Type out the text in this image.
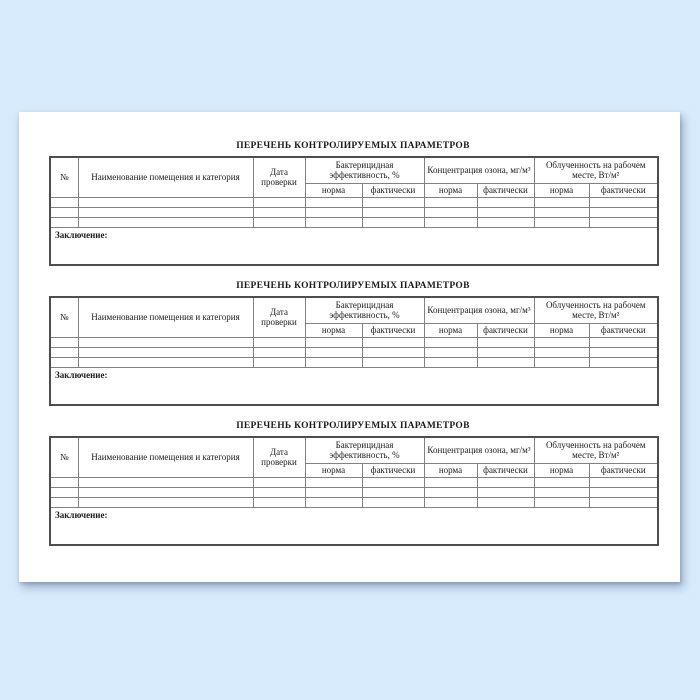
ПЕРЕЧЕНЬ КОНТРОЛИРУЕМЫХ ПАРАМЕТРОВ
№	Наименование помещения и категория	Дата проверки	Бактерицидная эффективность, %		Концентрация озона, мг/м³		Облученность на рабочем месте, Вт/м²	
			норма	фактически	норма	фактически	норма	фактически

Заключение:								
ПЕРЕЧЕНЬ КОНТРОЛИРУЕМЫХ ПАРАМЕТРОВ
№	Наименование помещения и категория	Дата проверки	Бактерицидная эффективность, %		Концентрация озона, мг/м³		Облученность на рабочем месте, Вт/м²	
			норма	фактически	норма	фактически	норма	фактически

Заключение:								
ПЕРЕЧЕНЬ КОНТРОЛИРУЕМЫХ ПАРАМЕТРОВ
№	Наименование помещения и категория	Дата проверки	Бактерицидная эффективность, %		Концентрация озона, мг/м³		Облученность на рабочем месте, Вт/м²	
			норма	фактически	норма	фактически	норма	фактически

Заключение:								
